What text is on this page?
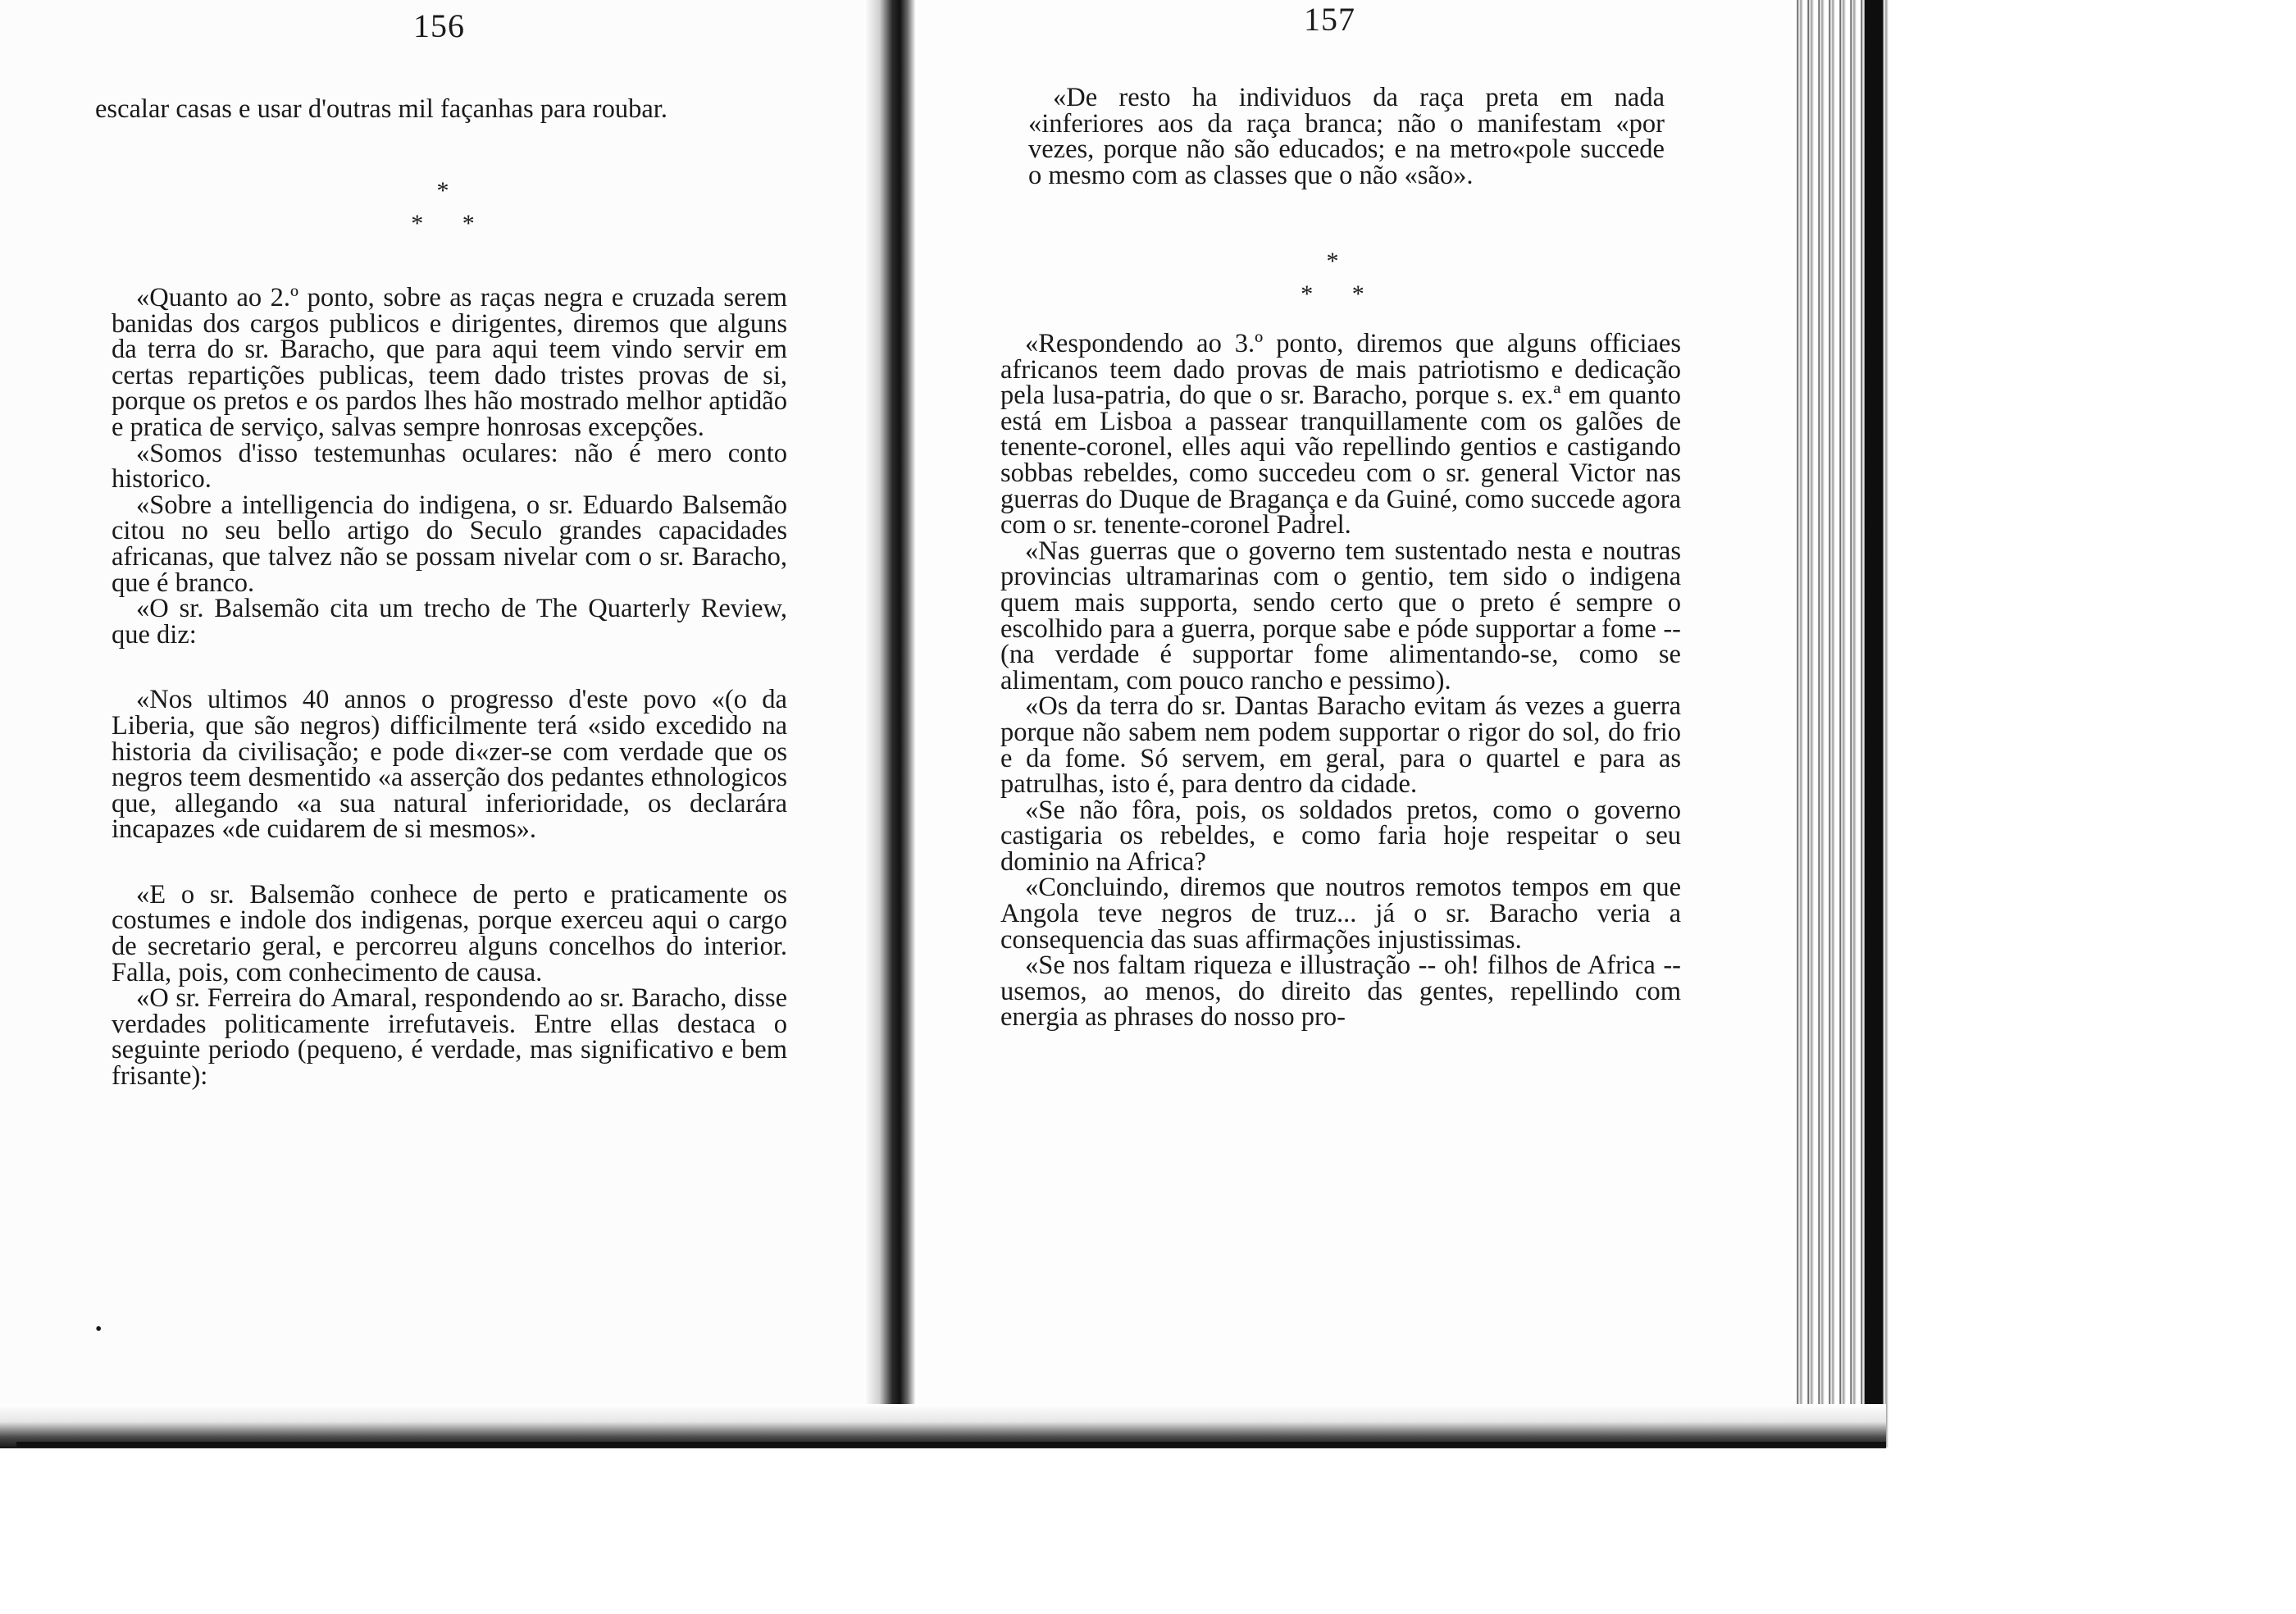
156

escalar casas e usar d'outras mil façanhas para roubar.

*
* *

«Quanto ao 2.º ponto, sobre as raças negra e cruzada serem banidas dos cargos publicos e dirigentes, diremos que alguns da terra do sr. Baracho, que para aqui teem vindo servir em certas repartições publicas, teem dado tristes provas de si, porque os pretos e os pardos lhes hão mostrado melhor aptidão e pratica de serviço, salvas sempre honrosas excepções.

«Somos d'isso testemunhas oculares: não é mero conto historico.

«Sobre a intelligencia do indigena, o sr. Eduardo Balsemão citou no seu bello artigo do Seculo grandes capacidades africanas, que talvez não se possam nivelar com o sr. Baracho, que é branco.

«O sr. Balsemão cita um trecho de The Quarterly Review, que diz:

«Nos ultimos 40 annos o progresso d'este povo «(o da Liberia, que são negros) difficilmente terá «sido excedido na historia da civilisação; e pode di«zer-se com verdade que os negros teem desmentido «a asserção dos pedantes ethnologicos que, allegando «a sua natural inferioridade, os declarára incapazes «de cuidarem de si mesmos».

«E o sr. Balsemão conhece de perto e praticamente os costumes e indole dos indigenas, porque exerceu aqui o cargo de secretario geral, e percorreu alguns concelhos do interior. Falla, pois, com conhecimento de causa.

«O sr. Ferreira do Amaral, respondendo ao sr. Baracho, disse verdades politicamente irrefutaveis. Entre ellas destaca o seguinte periodo (pequeno, é verdade, mas significativo e bem frisante):

•
157

«De resto ha individuos da raça preta em nada «inferiores aos da raça branca; não o manifestam «por vezes, porque não são educados; e na metro«pole succede o mesmo com as classes que o não «são».

*
* *

«Respondendo ao 3.º ponto, diremos que alguns officiaes africanos teem dado provas de mais patriotismo e dedicação pela lusa-patria, do que o sr. Baracho, porque s. ex.ª em quanto está em Lisboa a passear tranquillamente com os galões de tenente-coronel, elles aqui vão repellindo gentios e castigando sobbas rebeldes, como succedeu com o sr. general Victor nas guerras do Duque de Bragança e da Guiné, como succede agora com o sr. tenente-coronel Padrel.

«Nas guerras que o governo tem sustentado nesta e noutras provincias ultramarinas com o gentio, tem sido o indigena quem mais supporta, sendo certo que o preto é sempre o escolhido para a guerra, porque sabe e póde supportar a fome -- (na verdade é supportar fome alimentando-se, como se alimentam, com pouco rancho e pessimo).

«Os da terra do sr. Dantas Baracho evitam ás vezes a guerra porque não sabem nem podem supportar o rigor do sol, do frio e da fome. Só servem, em geral, para o quartel e para as patrulhas, isto é, para dentro da cidade.

«Se não fôra, pois, os soldados pretos, como o governo castigaria os rebeldes, e como faria hoje respeitar o seu dominio na Africa?

«Concluindo, diremos que noutros remotos tempos em que Angola teve negros de truz... já o sr. Baracho veria a consequencia das suas affirmações injustissimas.

«Se nos faltam riqueza e illustração -- oh! filhos de Africa -- usemos, ao menos, do direito das gentes, repellindo com energia as phrases do nosso pro-
